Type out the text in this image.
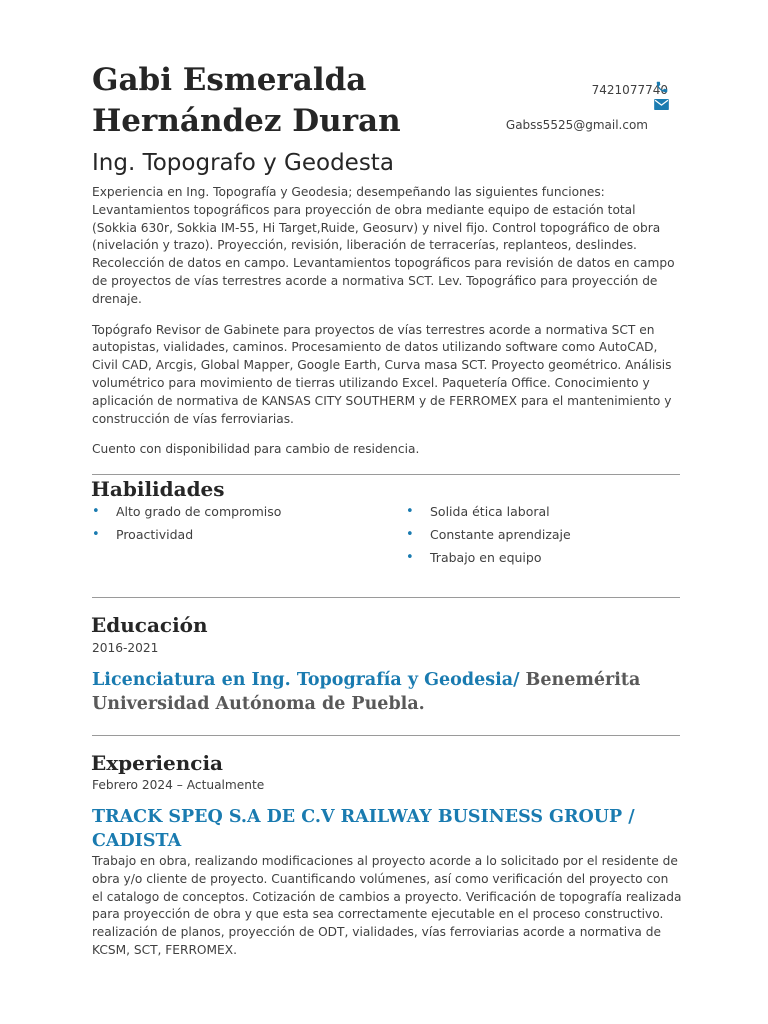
Gabi Esmeralda
Hernández Duran
7421077740
Gabss5525@gmail.com
Ing. Topografo y Geodesta

Experiencia en Ing. Topografía y Geodesia; desempeñando las siguientes funciones: Levantamientos topográficos para proyección de obra mediante equipo de estación total (Sokkia 630r, Sokkia IM-55, Hi Target,Ruide, Geosurv) y nivel fijo. Control topográfico de obra (nivelación y trazo). Proyección, revisión, liberación de terracerías, replanteos, deslindes. Recolección de datos en campo. Levantamientos topográficos para revisión de datos en campo de proyectos de vías terrestres acorde a normativa SCT. Lev. Topográfico para proyección de drenaje.

Topógrafo Revisor de Gabinete para proyectos de vías terrestres acorde a normativa SCT en autopistas, vialidades, caminos. Procesamiento de datos utilizando software como AutoCAD, Civil CAD, Arcgis, Global Mapper, Google Earth, Curva masa SCT. Proyecto geométrico. Análisis volumétrico para movimiento de tierras utilizando Excel. Paquetería Office. Conocimiento y aplicación de normativa de KANSAS CITY SOUTHERM y de FERROMEX para el mantenimiento y construcción de vías ferroviarias.

Cuento con disponibilidad para cambio de residencia.

Habilidades
• Alto grado de compromiso
• Proactividad
• Solida ética laboral
• Constante aprendizaje
• Trabajo en equipo
Educación
2016-2021
Licenciatura en Ing. Topografía y Geodesia/ Benemérita Universidad Autónoma de Puebla.
Experiencia
Febrero 2024 – Actualmente
TRACK SPEQ S.A DE C.V RAILWAY BUSINESS GROUP / CADISTA

Trabajo en obra, realizando modificaciones al proyecto acorde a lo solicitado por el residente de obra y/o cliente de proyecto. Cuantificando volúmenes, así como verificación del proyecto con el catalogo de conceptos. Cotización de cambios a proyecto. Verificación de topografía realizada para proyección de obra y que esta sea correctamente ejecutable en el proceso constructivo. realización de planos, proyección de ODT, vialidades, vías ferroviarias acorde a normativa de KCSM, SCT, FERROMEX.
